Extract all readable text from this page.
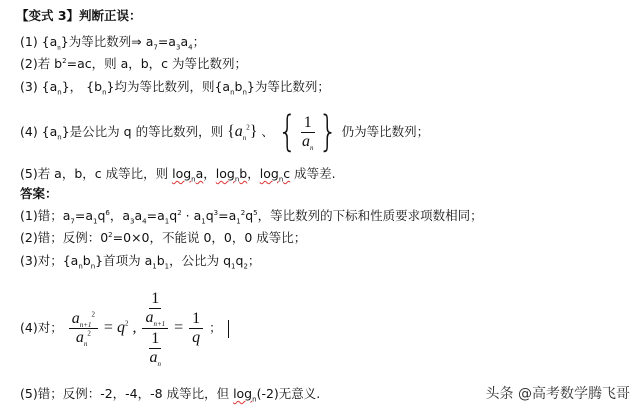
【变式 3】判断正误：
(1) $\{a_n\}$为等比数列⇒ $a_7=a_3a_4$；
(2)若 $b^2=ac$，则 a，b，c 为等比数列；
(3) $\{a_n\}$， $\{b_n\}$均为等比数列，则$\{a_nb_n\}$为等比数列；
(4) $\{a_n\}$是公比为 q 的等比数列，则 $\{a_n^2\}$ 、 { $\frac{1}{a_n}$ } 仍为等比数列；
(5)若 a，b，c 成等比，则 $\log_na$，$\log_nb$，$\log_nc$ 成等差.
答案：
(1)错；$a_7=a_1q^6$，$a_3a_4=a_1q^2 \cdot a_1q^3=a_1^2q^5$，等比数列的下标和性质要求项数相同；
(2)错；反例：$0^2=0\times 0$，不能说 0，0，0 成等比；
(3)对；$\{a_nb_n\}$首项为 $a_1b_1$，公比为 $q_1q_2$；
(4)对； $\frac{a_{n+1}^2}{a_n^2} = q^2$ , 1
$a_{n+1}$
1
$a_n = \frac{1}{q}$ ；
(5)错；反例：-2，-4，-8 成等比，但 $\log_n(-2)$无意义.	头条 @高考数学腾飞哥
